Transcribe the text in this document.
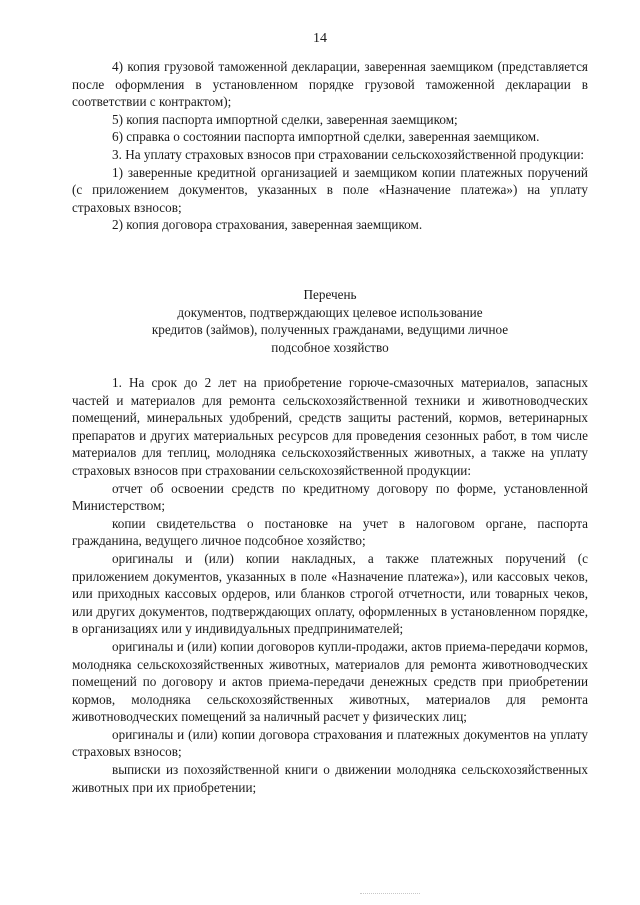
14

4) копия грузовой таможенной декларации, заверенная заемщиком (представляется после оформления в установленном порядке грузовой таможенной декларации в соответствии с контрактом);

5) копия паспорта импортной сделки, заверенная заемщиком;

6) справка о состоянии паспорта импортной сделки, заверенная заемщиком.

3. На уплату страховых взносов при страховании сельскохозяйственной продукции:

1) заверенные кредитной организацией и заемщиком копии платежных поручений (с приложением документов, указанных в поле «Назначение платежа») на уплату страховых взносов;

2) копия договора страхования, заверенная заемщиком.

Перечень
документов, подтверждающих целевое использование
кредитов (займов), полученных гражданами, ведущими личное
подсобное хозяйство

1. На срок до 2 лет на приобретение горюче-смазочных материалов, запасных частей и материалов для ремонта сельскохозяйственной техники и животноводческих помещений, минеральных удобрений, средств защиты растений, кормов, ветеринарных препаратов и других материальных ресурсов для проведения сезонных работ, в том числе материалов для теплиц, молодняка сельскохозяйственных животных, а также на уплату страховых взносов при страховании сельскохозяйственной продукции:

отчет об освоении средств по кредитному договору по форме, установленной Министерством;

копии свидетельства о постановке на учет в налоговом органе, паспорта гражданина, ведущего личное подсобное хозяйство;

оригиналы и (или) копии накладных, а также платежных поручений (с приложением документов, указанных в поле «Назначение платежа»), или кассовых чеков, или приходных кассовых ордеров, или бланков строгой отчетности, или товарных чеков, или других документов, подтверждающих оплату, оформленных в установленном порядке, в организациях или у индивидуальных предпринимателей;

оригиналы и (или) копии договоров купли-продажи, актов приема-передачи кормов, молодняка сельскохозяйственных животных, материалов для ремонта животноводческих помещений по договору и актов приема-передачи денежных средств при приобретении кормов, молодняка сельскохозяйственных животных, материалов для ремонта животноводческих помещений за наличный расчет у физических лиц;

оригиналы и (или) копии договора страхования и платежных документов на уплату страховых взносов;

выписки из похозяйственной книги о движении молодняка сельскохозяйственных животных при их приобретении;
